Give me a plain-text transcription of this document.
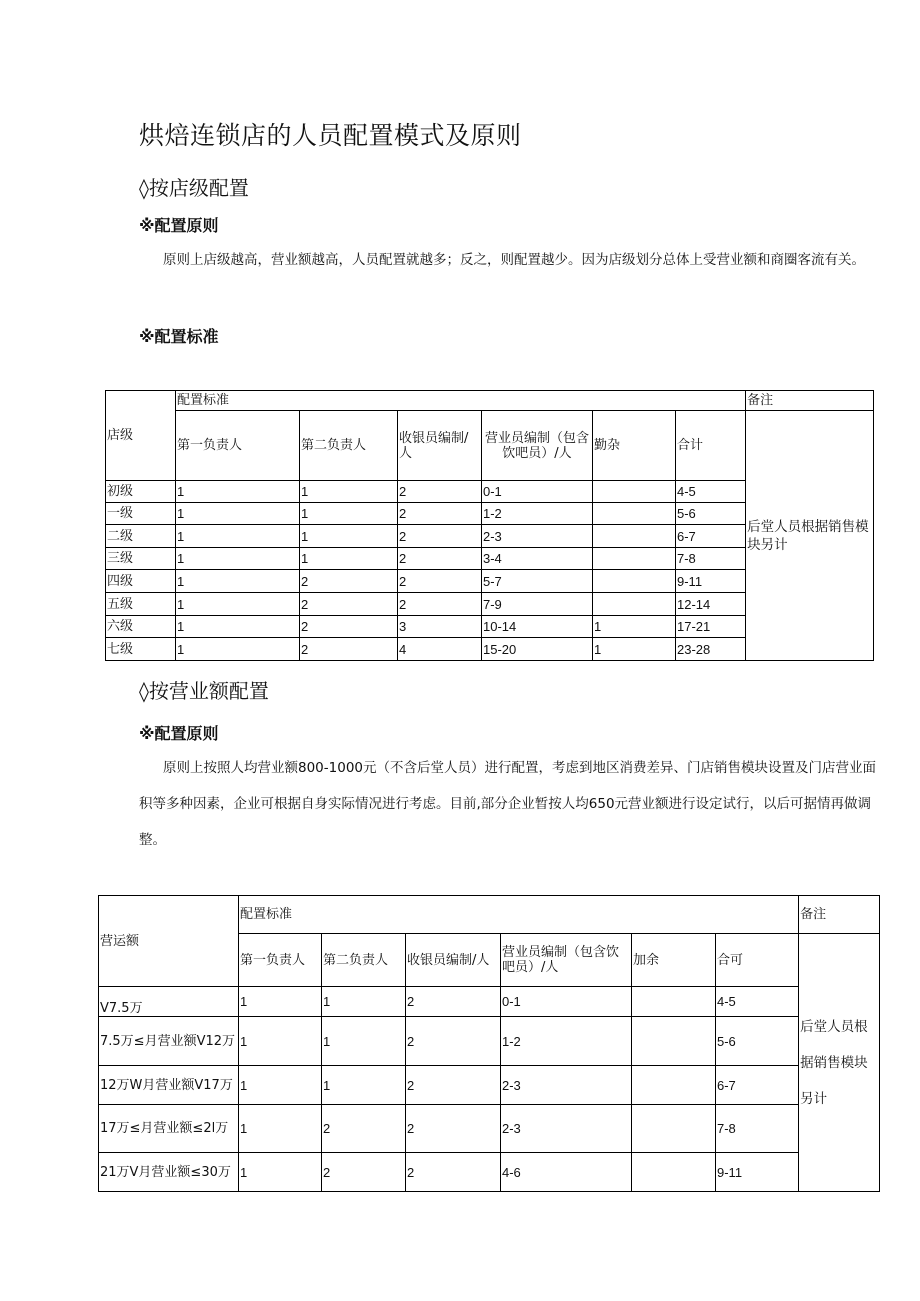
烘焙连锁店的人员配置模式及原则
◊按店级配置
※配置原则
原则上店级越高，营业额越高，人员配置就越多；反之，则配置越少。因为店级划分总体上受营业额和商圈客流有关。
※配置标准
店级	配置标准						备注
	第一负责人	第二负责人	收银员编制/人	营业员编制（包含饮吧员）/人	勤杂	合计	后堂人员根据销售模块另计
初级	1	1	2	0-1		4-5	
一级	1	1	2	1-2		5-6	
二级	1	1	2	2-3		6-7	
三级	1	1	2	3-4		7-8	
四级	1	2	2	5-7		9-11	
五级	1	2	2	7-9		12-14	
六级	1	2	3	10-14	1	17-21	
七级	1	2	4	15-20	1	23-28	
◊按营业额配置
※配置原则
原则上按照人均营业额800-1000元（不含后堂人员）进行配置，考虑到地区消费差异、门店销售模块设置及门店营业面积等多种因素，企业可根据自身实际情况进行考虑。目前,部分企业暂按人均650元营业额进行设定试行，以后可据情再做调整。
营运额	配置标准						备注
	第一负责人	第二负责人	收银员编制/人	营业员编制（包含饮吧员）/人	加余	合可	后堂人员根据销售模块另计
V7.5万	1	1	2	0-1		4-5	
7.5万≤月营业额V12万	1	1	2	1-2		5-6	
12万W月营业额V17万	1	1	2	2-3		6-7	
17万≤月营业额≤2l万	1	2	2	2-3		7-8	
21万V月营业额≤30万	1	2	2	4-6		9-11	
